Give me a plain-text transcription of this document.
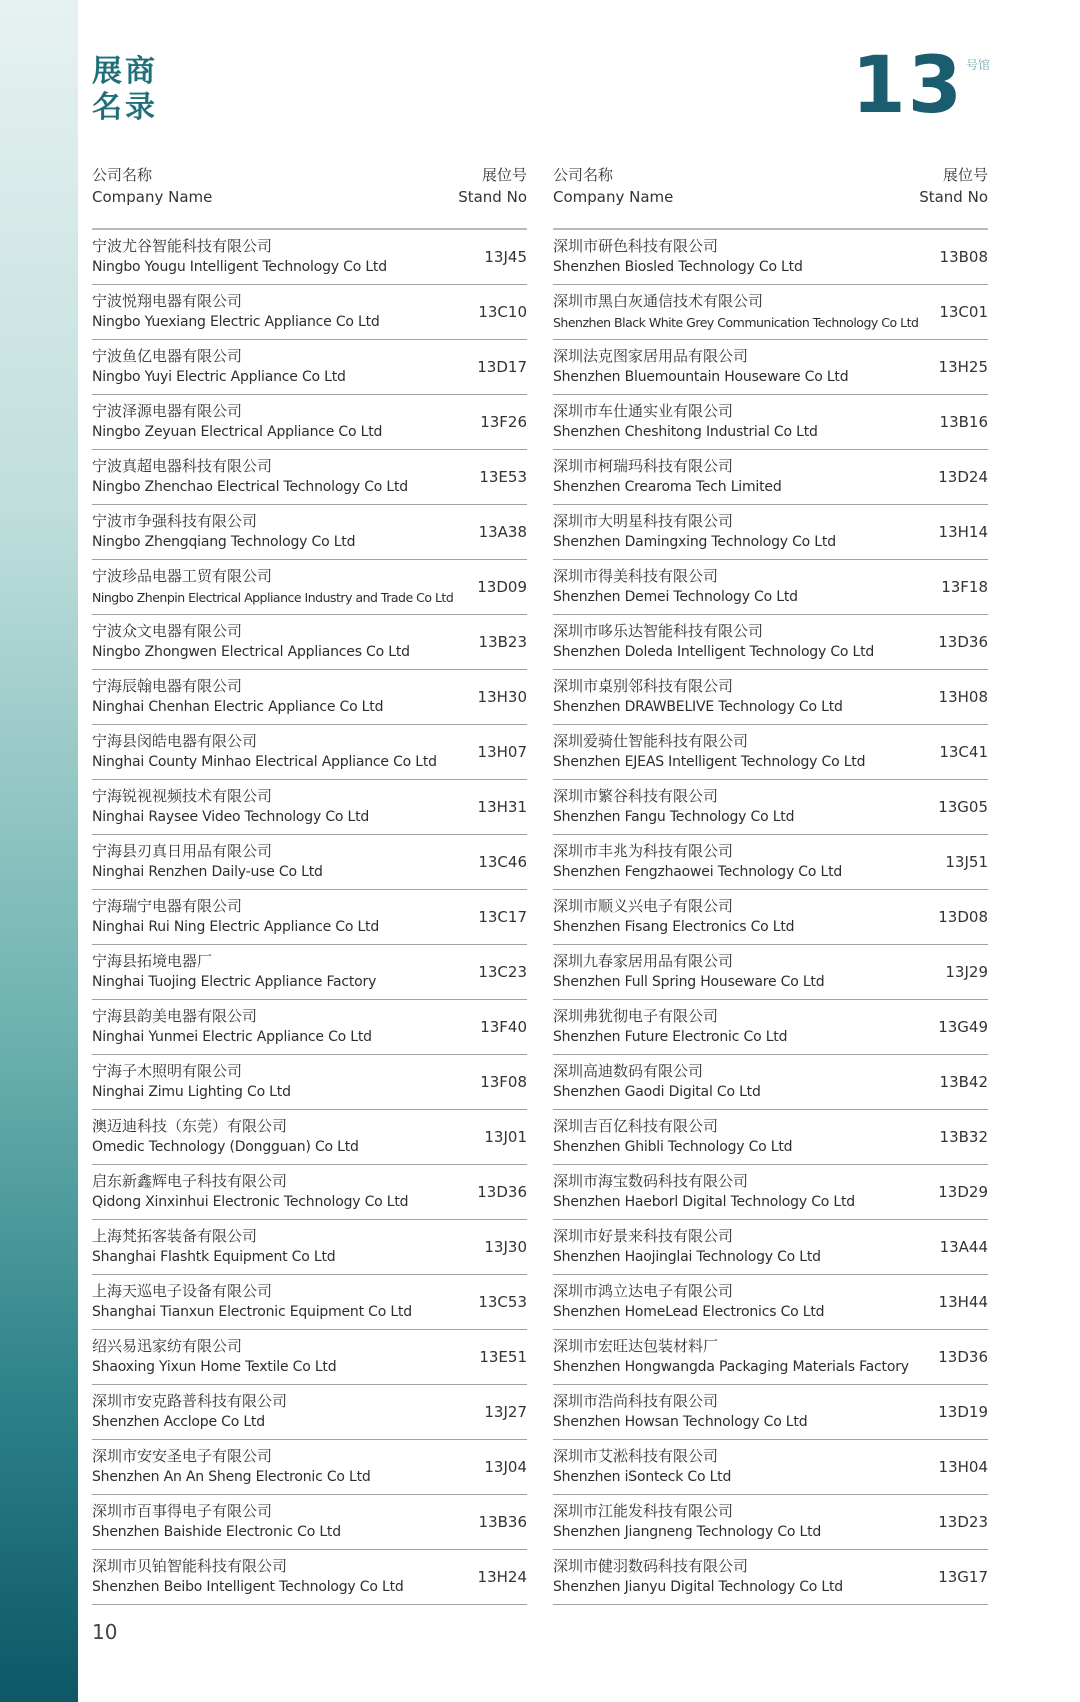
展商
名录	13 号馆
公司名称
Company Name
展位号
Stand No
宁波尤谷智能科技有限公司
Ningbo Yougu Intelligent Technology Co Ltd
13J45
宁波悦翔电器有限公司
Ningbo Yuexiang Electric Appliance Co Ltd
13C10
宁波鱼亿电器有限公司
Ningbo Yuyi Electric Appliance Co Ltd
13D17
宁波泽源电器有限公司
Ningbo Zeyuan Electrical Appliance Co Ltd
13F26
宁波真超电器科技有限公司
Ningbo Zhenchao Electrical Technology Co Ltd
13E53
宁波市争强科技有限公司
Ningbo Zhengqiang Technology Co Ltd
13A38
宁波珍品电器工贸有限公司
Ningbo Zhenpin Electrical Appliance Industry and Trade Co Ltd
13D09
宁波众文电器有限公司
Ningbo Zhongwen Electrical Appliances Co Ltd
13B23
宁海辰翰电器有限公司
Ninghai Chenhan Electric Appliance Co Ltd
13H30
宁海县闵皓电器有限公司
Ninghai County Minhao Electrical Appliance Co Ltd
13H07
宁海锐视视频技术有限公司
Ninghai Raysee Video Technology Co Ltd
13H31
宁海县刃真日用品有限公司
Ninghai Renzhen Daily-use Co Ltd
13C46
宁海瑞宁电器有限公司
Ninghai Rui Ning Electric Appliance Co Ltd
13C17
宁海县拓境电器厂
Ninghai Tuojing Electric Appliance Factory
13C23
宁海县韵美电器有限公司
Ninghai Yunmei Electric Appliance Co Ltd
13F40
宁海子木照明有限公司
Ninghai Zimu Lighting Co Ltd
13F08
澳迈迪科技（东莞）有限公司
Omedic Technology (Dongguan) Co Ltd
13J01
启东新鑫辉电子科技有限公司
Qidong Xinxinhui Electronic Technology Co Ltd
13D36
上海梵拓客装备有限公司
Shanghai Flashtk Equipment Co Ltd
13J30
上海天巡电子设备有限公司
Shanghai Tianxun Electronic Equipment Co Ltd
13C53
绍兴易迅家纺有限公司
Shaoxing Yixun Home Textile Co Ltd
13E51
深圳市安克路普科技有限公司
Shenzhen Acclope Co Ltd
13J27
深圳市安安圣电子有限公司
Shenzhen An An Sheng Electronic Co Ltd
13J04
深圳市百事得电子有限公司
Shenzhen Baishide Electronic Co Ltd
13B36
深圳市贝铂智能科技有限公司
Shenzhen Beibo Intelligent Technology Co Ltd
13H24
公司名称
Company Name
展位号
Stand No
深圳市研色科技有限公司
Shenzhen Biosled Technology Co Ltd
13B08
深圳市黑白灰通信技术有限公司
Shenzhen Black White Grey Communication Technology Co Ltd
13C01
深圳法克图家居用品有限公司
Shenzhen Bluemountain Houseware Co Ltd
13H25
深圳市车仕通实业有限公司
Shenzhen Cheshitong Industrial Co Ltd
13B16
深圳市柯瑞玛科技有限公司
Shenzhen Crearoma Tech Limited
13D24
深圳市大明星科技有限公司
Shenzhen Damingxing Technology Co Ltd
13H14
深圳市得美科技有限公司
Shenzhen Demei Technology Co Ltd
13F18
深圳市哆乐达智能科技有限公司
Shenzhen Doleda Intelligent Technology Co Ltd
13D36
深圳市桌别邻科技有限公司
Shenzhen DRAWBELIVE Technology Co Ltd
13H08
深圳爱骑仕智能科技有限公司
Shenzhen EJEAS Intelligent Technology Co Ltd
13C41
深圳市繁谷科技有限公司
Shenzhen Fangu Technology Co Ltd
13G05
深圳市丰兆为科技有限公司
Shenzhen Fengzhaowei Technology Co Ltd
13J51
深圳市顺义兴电子有限公司
Shenzhen Fisang Electronics Co Ltd
13D08
深圳九春家居用品有限公司
Shenzhen Full Spring Houseware Co Ltd
13J29
深圳弗犹彻电子有限公司
Shenzhen Future Electronic Co Ltd
13G49
深圳高迪数码有限公司
Shenzhen Gaodi Digital Co Ltd
13B42
深圳吉百亿科技有限公司
Shenzhen Ghibli Technology Co Ltd
13B32
深圳市海宝数码科技有限公司
Shenzhen Haeborl Digital Technology Co Ltd
13D29
深圳市好景来科技有限公司
Shenzhen Haojinglai Technology Co Ltd
13A44
深圳市鸿立达电子有限公司
Shenzhen HomeLead Electronics Co Ltd
13H44
深圳市宏旺达包装材料厂
Shenzhen Hongwangda Packaging Materials Factory
13D36
深圳市浩尚科技有限公司
Shenzhen Howsan Technology Co Ltd
13D19
深圳市艾淞科技有限公司
Shenzhen iSonteck Co Ltd
13H04
深圳市江能发科技有限公司
Shenzhen Jiangneng Technology Co Ltd
13D23
深圳市健羽数码科技有限公司
Shenzhen Jianyu Digital Technology Co Ltd
13G17
10
